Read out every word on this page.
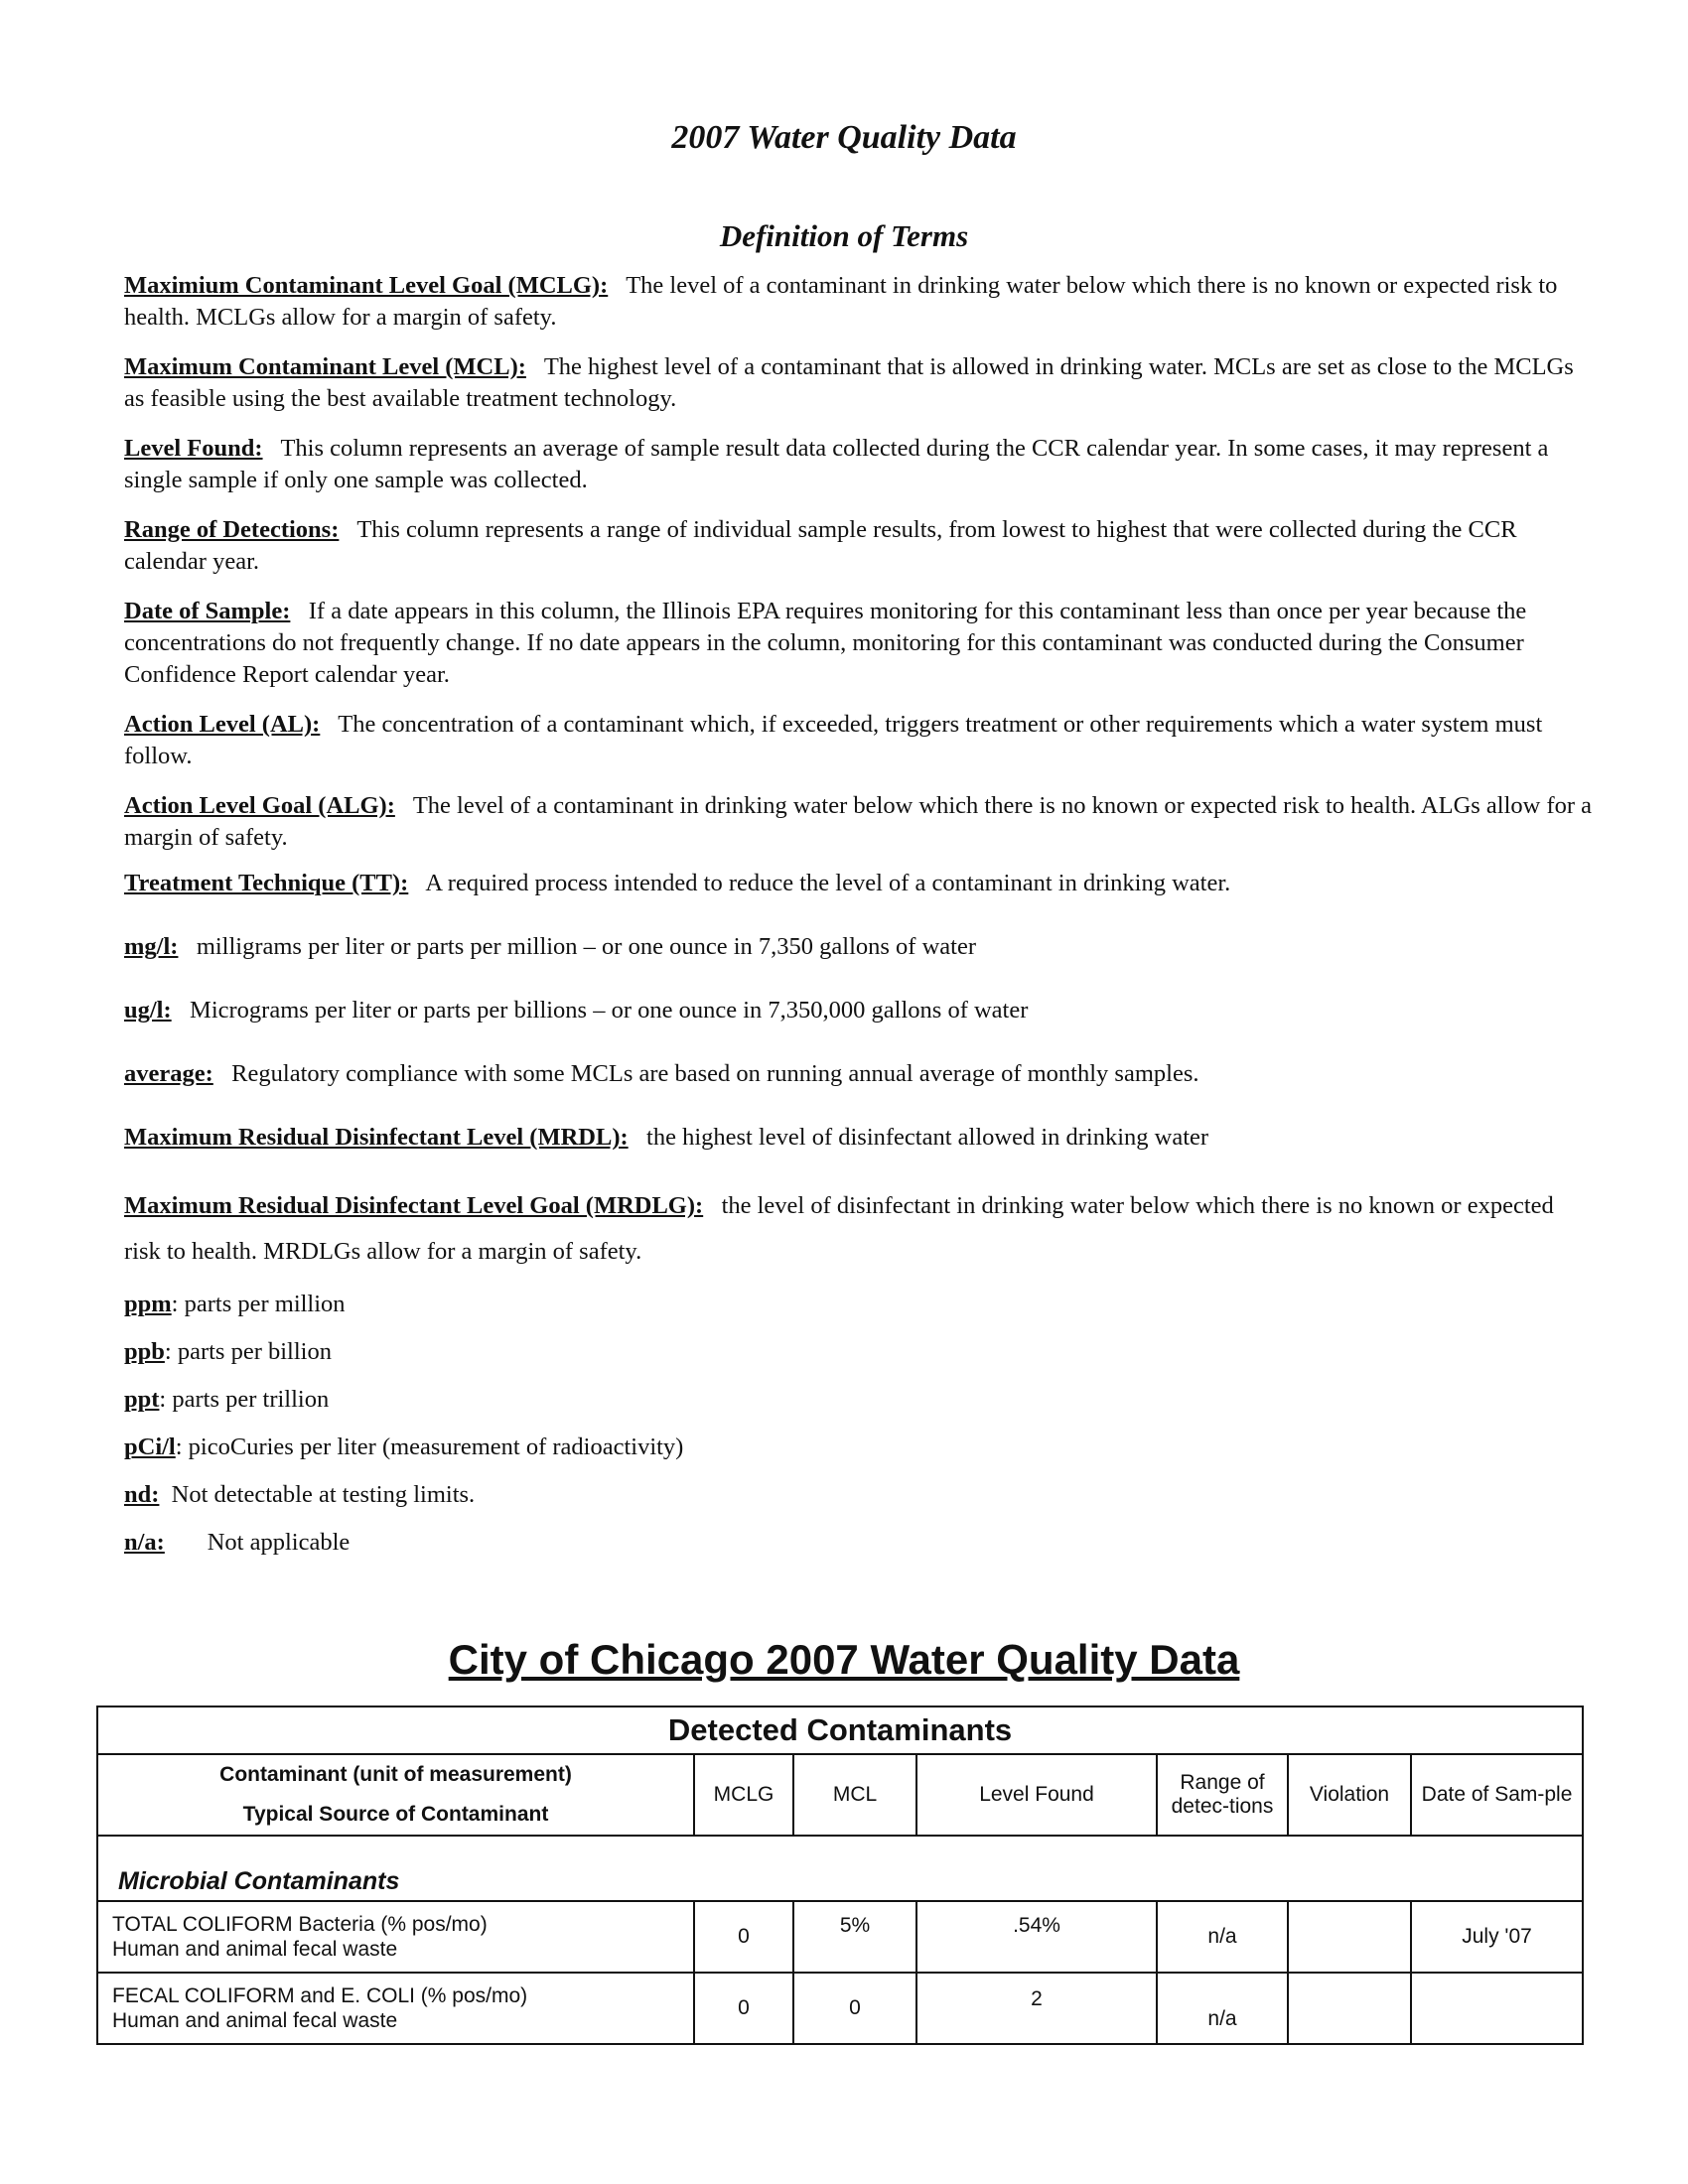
2007 Water Quality Data
Definition of Terms

Maximium Contaminant Level Goal (MCLG): The level of a contaminant in drinking water below which there is no known or expected risk to health. MCLGs allow for a margin of safety.

Maximum Contaminant Level (MCL): The highest level of a contaminant that is allowed in drinking water. MCLs are set as close to the MCLGs as feasible using the best available treatment technology.

Level Found: This column represents an average of sample result data collected during the CCR calendar year. In some cases, it may represent a single sample if only one sample was collected.

Range of Detections: This column represents a range of individual sample results, from lowest to highest that were collected during the CCR calendar year.

Date of Sample: If a date appears in this column, the Illinois EPA requires monitoring for this contaminant less than once per year because the concentrations do not frequently change. If no date appears in the column, monitoring for this contaminant was conducted during the Consumer Confidence Report calendar year.

Action Level (AL): The concentration of a contaminant which, if exceeded, triggers treatment or other requirements which a water system must follow.

Action Level Goal (ALG): The level of a contaminant in drinking water below which there is no known or expected risk to health. ALGs allow for a margin of safety.

Treatment Technique (TT): A required process intended to reduce the level of a contaminant in drinking water.

mg/l: milligrams per liter or parts per million – or one ounce in 7,350 gallons of water

ug/l: Micrograms per liter or parts per billions – or one ounce in 7,350,000 gallons of water

average: Regulatory compliance with some MCLs are based on running annual average of monthly samples.

Maximum Residual Disinfectant Level (MRDL): the highest level of disinfectant allowed in drinking water

Maximum Residual Disinfectant Level Goal (MRDLG): the level of disinfectant in drinking water below which there is no known or expected risk to health. MRDLGs allow for a margin of safety.

ppm: parts per million

ppb: parts per billion

ppt: parts per trillion

pCi/l: picoCuries per liter (measurement of radioactivity)

nd: Not detectable at testing limits.

n/a: Not applicable

City of Chicago 2007 Water Quality Data
Detected Contaminants						

Contaminant (unit of measurement)
Typical Source of Contaminant	MCLG	MCL	Level Found	Range of detec-tions	Violation	Date of Sam-ple
Microbial Contaminants						

TOTAL COLIFORM Bacteria (% pos/mo)
Human and animal fecal waste	0	5%	.54%	n/a		July '07

FECAL COLIFORM and E. COLI (% pos/mo)
Human and animal fecal waste	0	0	2	n/a		
